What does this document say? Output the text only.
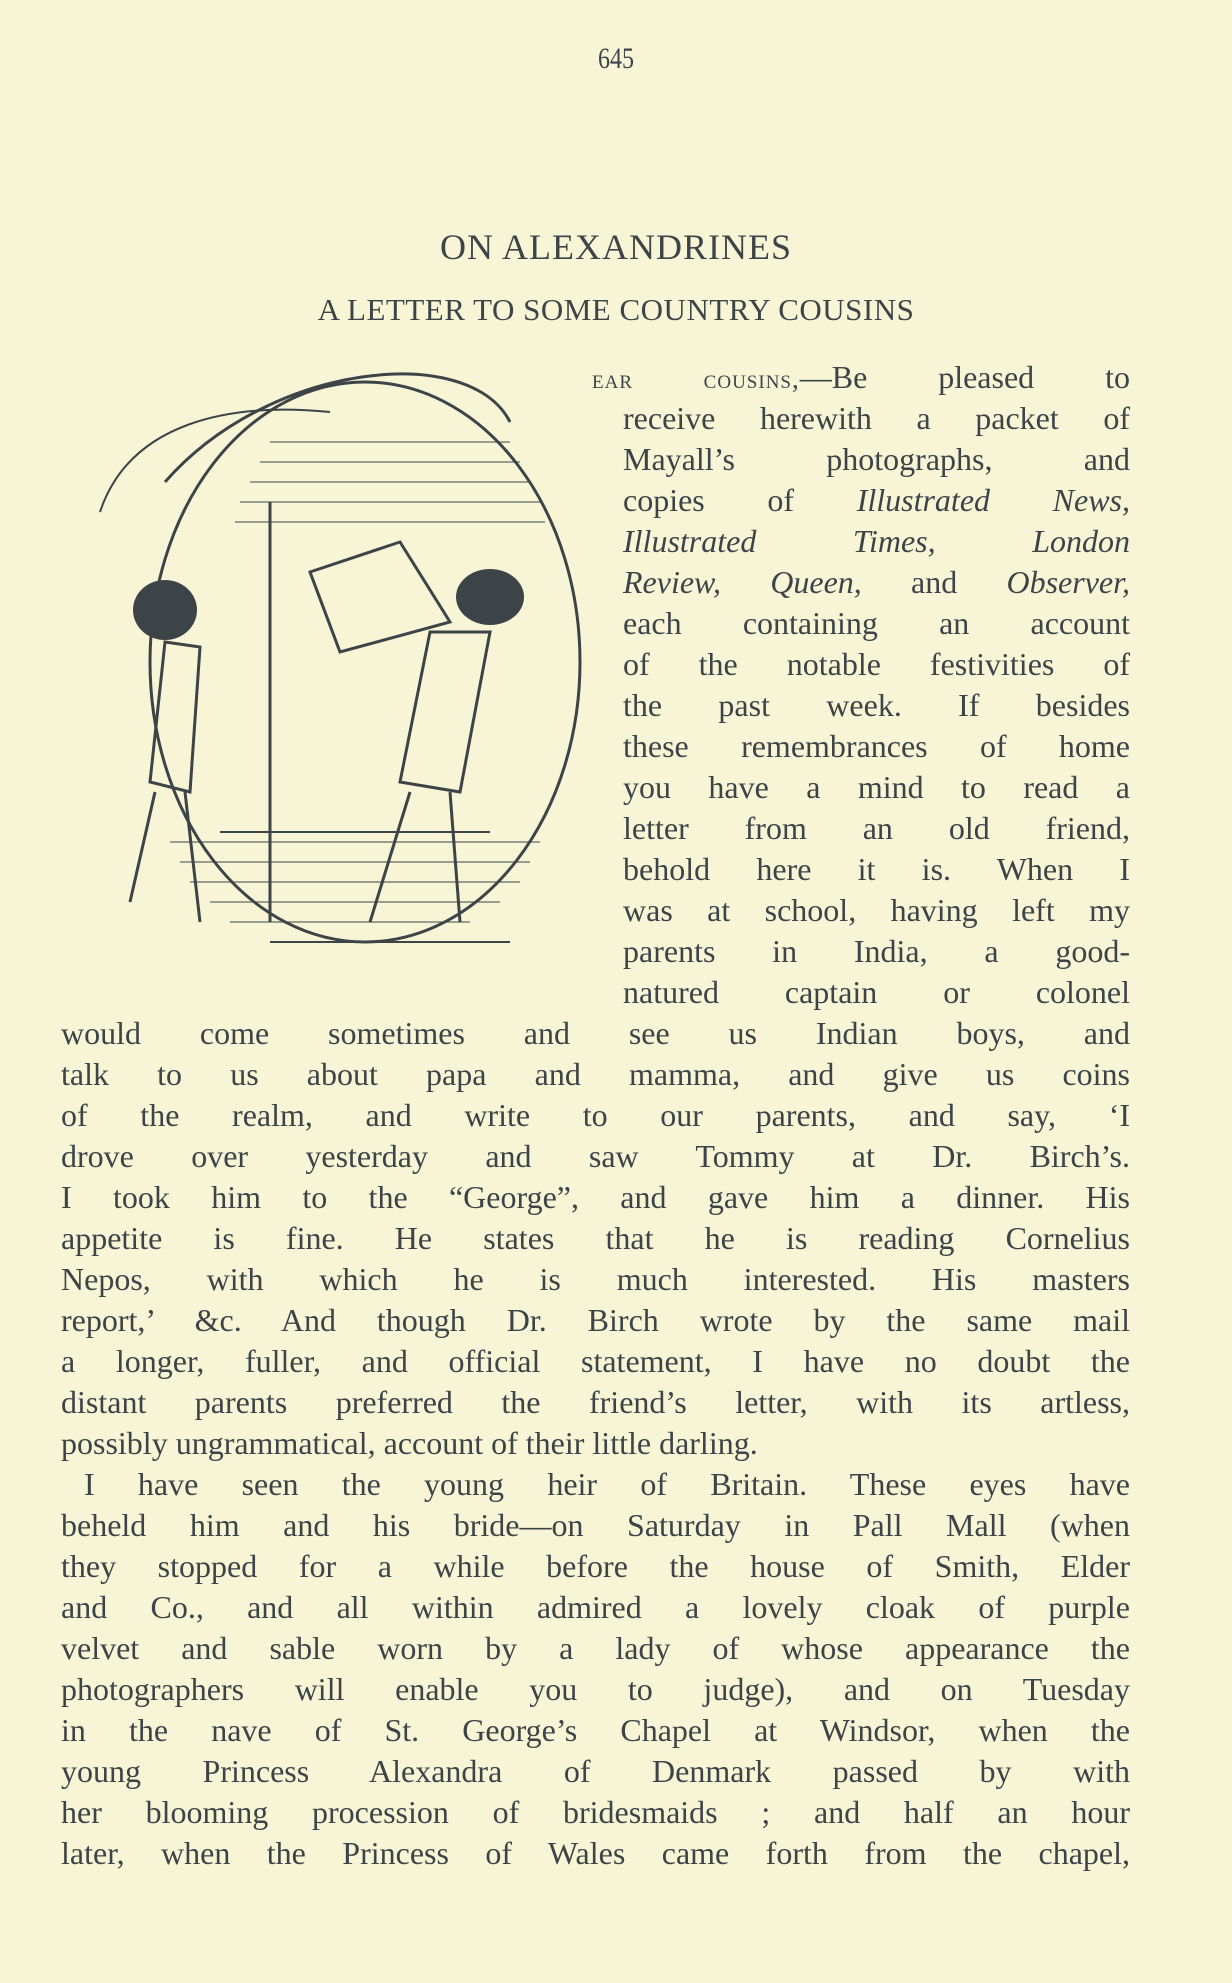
645
ON ALEXANDRINES
A LETTER TO SOME COUNTRY COUSINS
ear cousins,—Be pleased to
receive herewith a packet of
Mayall’s photographs, and
copies of Illustrated News,
Illustrated Times, London
Review, Queen, and Observer,
each containing an account
of the notable festivities of
the past week. If besides
these remembrances of home
you have a mind to read a
letter from an old friend,
behold here it is. When I
was at school, having left my
parents in India, a good-
natured captain or colonel
would come sometimes and see us Indian boys, and
talk to us about papa and mamma, and give us coins
of the realm, and write to our parents, and say, ‘I
drove over yesterday and saw Tommy at Dr. Birch’s.
I took him to the “George”, and gave him a dinner. His
appetite is fine. He states that he is reading Cornelius
Nepos, with which he is much interested. His masters
report,’ &c. And though Dr. Birch wrote by the same mail
a longer, fuller, and official statement, I have no doubt the
distant parents preferred the friend’s letter, with its artless,
possibly ungrammatical, account of their little darling.
I have seen the young heir of Britain. These eyes have
beheld him and his bride—on Saturday in Pall Mall (when
they stopped for a while before the house of Smith, Elder
and Co., and all within admired a lovely cloak of purple
velvet and sable worn by a lady of whose appearance the
photographers will enable you to judge), and on Tuesday
in the nave of St. George’s Chapel at Windsor, when the
young Princess Alexandra of Denmark passed by with
her blooming procession of bridesmaids ; and half an hour
later, when the Princess of Wales came forth from the chapel,
